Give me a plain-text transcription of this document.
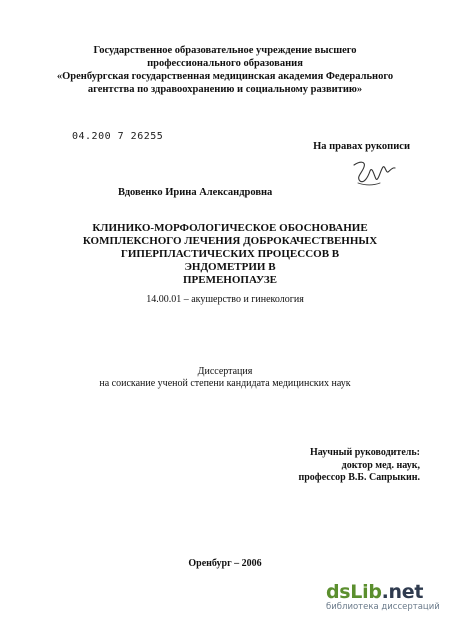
Государственное образовательное учреждение высшего
профессионального образования
«Оренбургская государственная медицинская академия Федерального
агентства по здравоохранению и социальному развитию»
04.200 7 26255
На правах рукописи
Вдовенко Ирина Александровна
КЛИНИКО-МОРФОЛОГИЧЕСКОЕ ОБОСНОВАНИЕ
КОМПЛЕКСНОГО ЛЕЧЕНИЯ ДОБРОКАЧЕСТВЕННЫХ
ГИПЕРПЛАСТИЧЕСКИХ ПРОЦЕССОВ В ЭНДОМЕТРИИ В
ПРЕМЕНОПАУЗЕ
14.00.01 – акушерство и гинекология
Диссертация
на соискание ученой степени кандидата медицинских наук
Научный руководитель:
доктор мед. наук,
профессор В.Б. Сапрыкин.
Оренбург – 2006
dsLib.net
библиотека диссертаций
